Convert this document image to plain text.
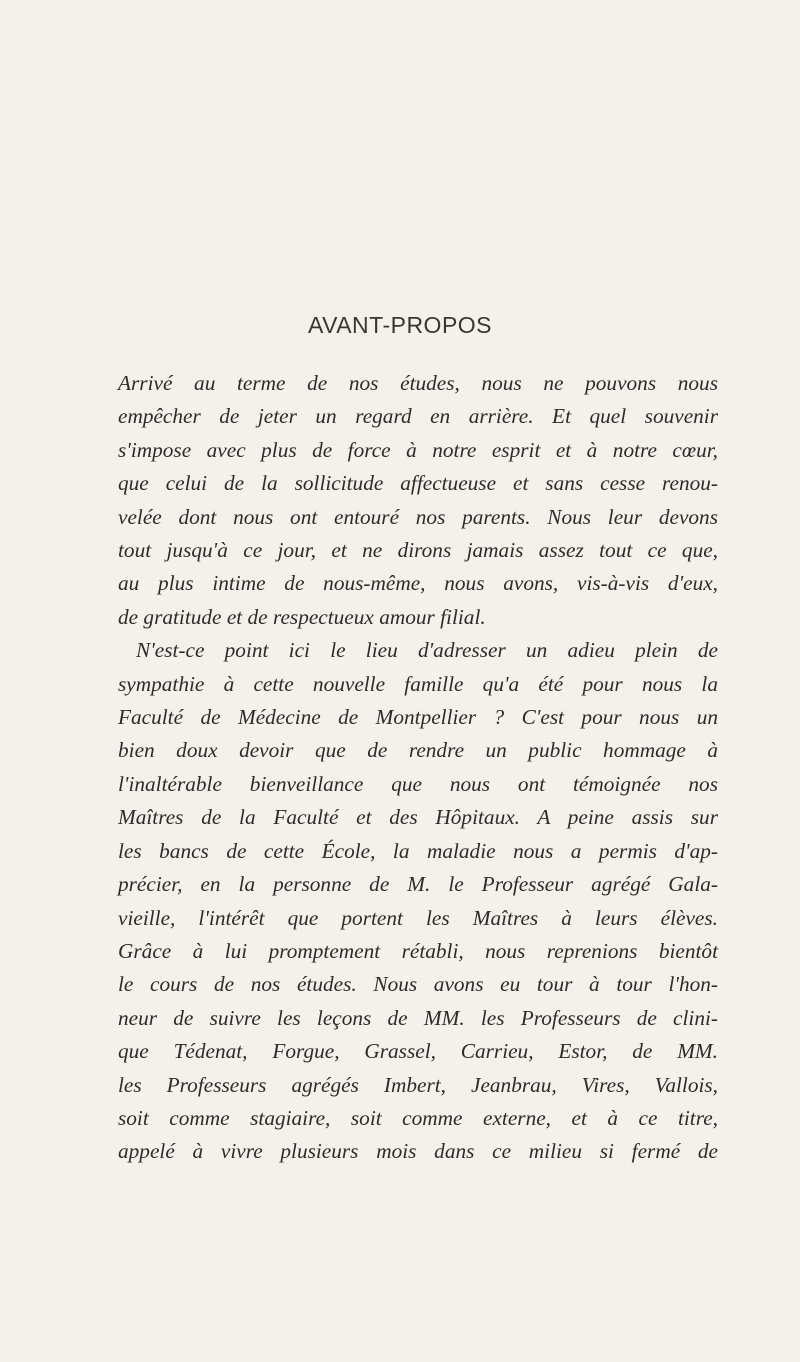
AVANT-PROPOS
Arrivé au terme de nos études, nous ne pouvons nous
empêcher de jeter un regard en arrière. Et quel souvenir
s'impose avec plus de force à notre esprit et à notre cœur,
que celui de la sollicitude affectueuse et sans cesse renou-
velée dont nous ont entouré nos parents. Nous leur devons
tout jusqu'à ce jour, et ne dirons jamais assez tout ce que,
au plus intime de nous-même, nous avons, vis-à-vis d'eux,
de gratitude et de respectueux amour filial.
N'est-ce point ici le lieu d'adresser un adieu plein de
sympathie à cette nouvelle famille qu'a été pour nous la
Faculté de Médecine de Montpellier ? C'est pour nous un
bien doux devoir que de rendre un public hommage à
l'inaltérable bienveillance que nous ont témoignée nos
Maîtres de la Faculté et des Hôpitaux. A peine assis sur
les bancs de cette École, la maladie nous a permis d'ap-
précier, en la personne de M. le Professeur agrégé Gala-
vieille, l'intérêt que portent les Maîtres à leurs élèves.
Grâce à lui promptement rétabli, nous reprenions bientôt
le cours de nos études. Nous avons eu tour à tour l'hon-
neur de suivre les leçons de MM. les Professeurs de clini-
que Tédenat, Forgue, Grassel, Carrieu, Estor, de MM.
les Professeurs agrégés Imbert, Jeanbrau, Vires, Vallois,
soit comme stagiaire, soit comme externe, et à ce titre,
appelé à vivre plusieurs mois dans ce milieu si fermé de
